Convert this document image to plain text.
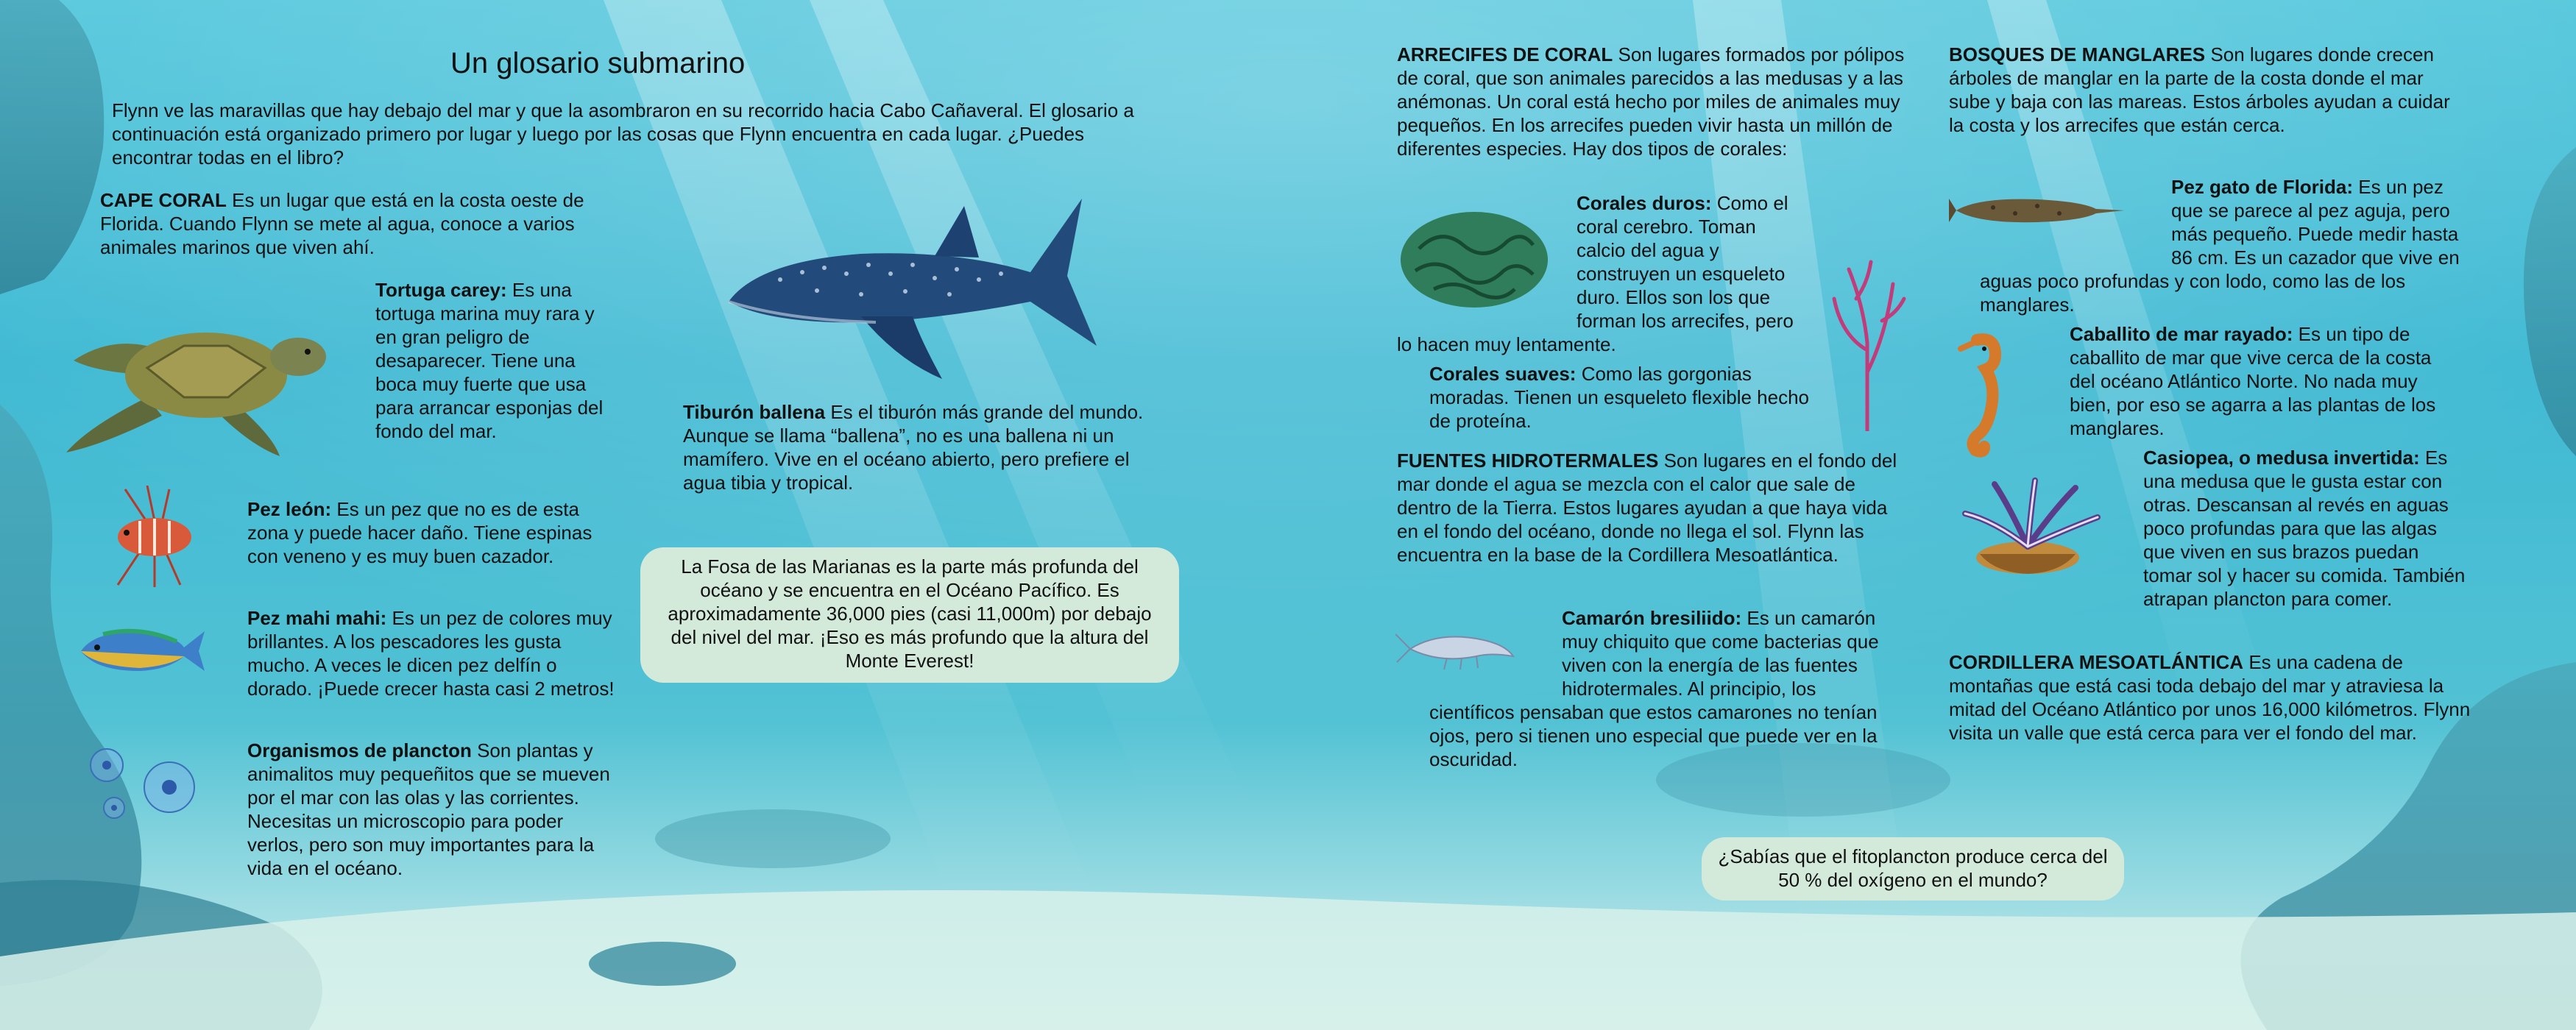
Un glosario submarino
Flynn ve las maravillas que hay debajo del mar y que la asombraron en su recorrido hacia Cabo Cañaveral. El glosario a continuación está organizado primero por lugar y luego por las cosas que Flynn encuentra en cada lugar. ¿Puedes encontrar todas en el libro?
CAPE CORAL Es un lugar que está en la costa oeste de Florida. Cuando Flynn se mete al agua, conoce a varios animales marinos que viven ahí.
Tortuga carey: Es una tortuga marina muy rara y en gran peligro de desaparecer. Tiene una boca muy fuerte que usa para arrancar esponjas del fondo del mar.
Tiburón ballena Es el tiburón más grande del mundo. Aunque se llama “ballena”, no es una ballena ni un mamífero. Vive en el océano abierto, pero prefiere el agua tibia y tropical.
La Fosa de las Marianas es la parte más profunda del océano y se encuentra en el Océano Pacífico. Es aproximadamente 36,000 pies (casi 11,000m) por debajo del nivel del mar. ¡Eso es más profundo que la altura del Monte Everest!
Pez león: Es un pez que no es de esta zona y puede hacer daño. Tiene espinas con veneno y es muy buen cazador.
Pez mahi mahi: Es un pez de colores muy brillantes. A los pescadores les gusta mucho. A veces le dicen pez delfín o dorado. ¡Puede crecer hasta casi 2 metros!
Organismos de plancton Son plantas y animalitos muy pequeñitos que se mueven por el mar con las olas y las corrientes. Necesitas un microscopio para poder verlos, pero son muy importantes para la vida en el océano.
ARRECIFES DE CORAL Son lugares formados por pólipos de coral, que son animales parecidos a las medusas y a las anémonas. Un coral está hecho por miles de animales muy pequeños. En los arrecifes pueden vivir hasta un millón de diferentes especies. Hay dos tipos de corales:
Corales duros: Como el coral cerebro. Toman calcio del agua y construyen un esqueleto duro. Ellos son los que forman los arrecifes, pero lo hacen muy lentamente.
Corales suaves: Como las gorgonias moradas. Tienen un esqueleto flexible hecho de proteína.
FUENTES HIDROTERMALES Son lugares en el fondo del mar donde el agua se mezcla con el calor que sale de dentro de la Tierra. Estos lugares ayudan a que haya vida en el fondo del océano, donde no llega el sol. Flynn las encuentra en la base de la Cordillera Mesoatlántica.
Camarón bresiliido: Es un camarón muy chiquito que come bacterias que viven con la energía de las fuentes hidrotermales. Al principio, los científicos pensaban que estos camarones no tenían ojos, pero si tienen uno especial que puede ver en la oscuridad.
¿Sabías que el fitoplancton produce cerca del 50 % del oxígeno en el mundo?
BOSQUES DE MANGLARES Son lugares donde crecen árboles de manglar en la parte de la costa donde el mar sube y baja con las mareas. Estos árboles ayudan a cuidar la costa y los arrecifes que están cerca.
Pez gato de Florida: Es un pez que se parece al pez aguja, pero más pequeño. Puede medir hasta 86 cm. Es un cazador que vive en aguas poco profundas y con lodo, como las de los manglares.
Caballito de mar rayado: Es un tipo de caballito de mar que vive cerca de la costa del océano Atlántico Norte. No nada muy bien, por eso se agarra a las plantas de los manglares.
Casiopea, o medusa invertida: Es una medusa que le gusta estar con otras. Descansan al revés en aguas poco profundas para que las algas que viven en sus brazos puedan tomar sol y hacer su comida. También atrapan plancton para comer.
CORDILLERA MESOATLÁNTICA Es una cadena de montañas que está casi toda debajo del mar y atraviesa la mitad del Océano Atlántico por unos 16,000 kilómetros. Flynn visita un valle que está cerca para ver el fondo del mar.
